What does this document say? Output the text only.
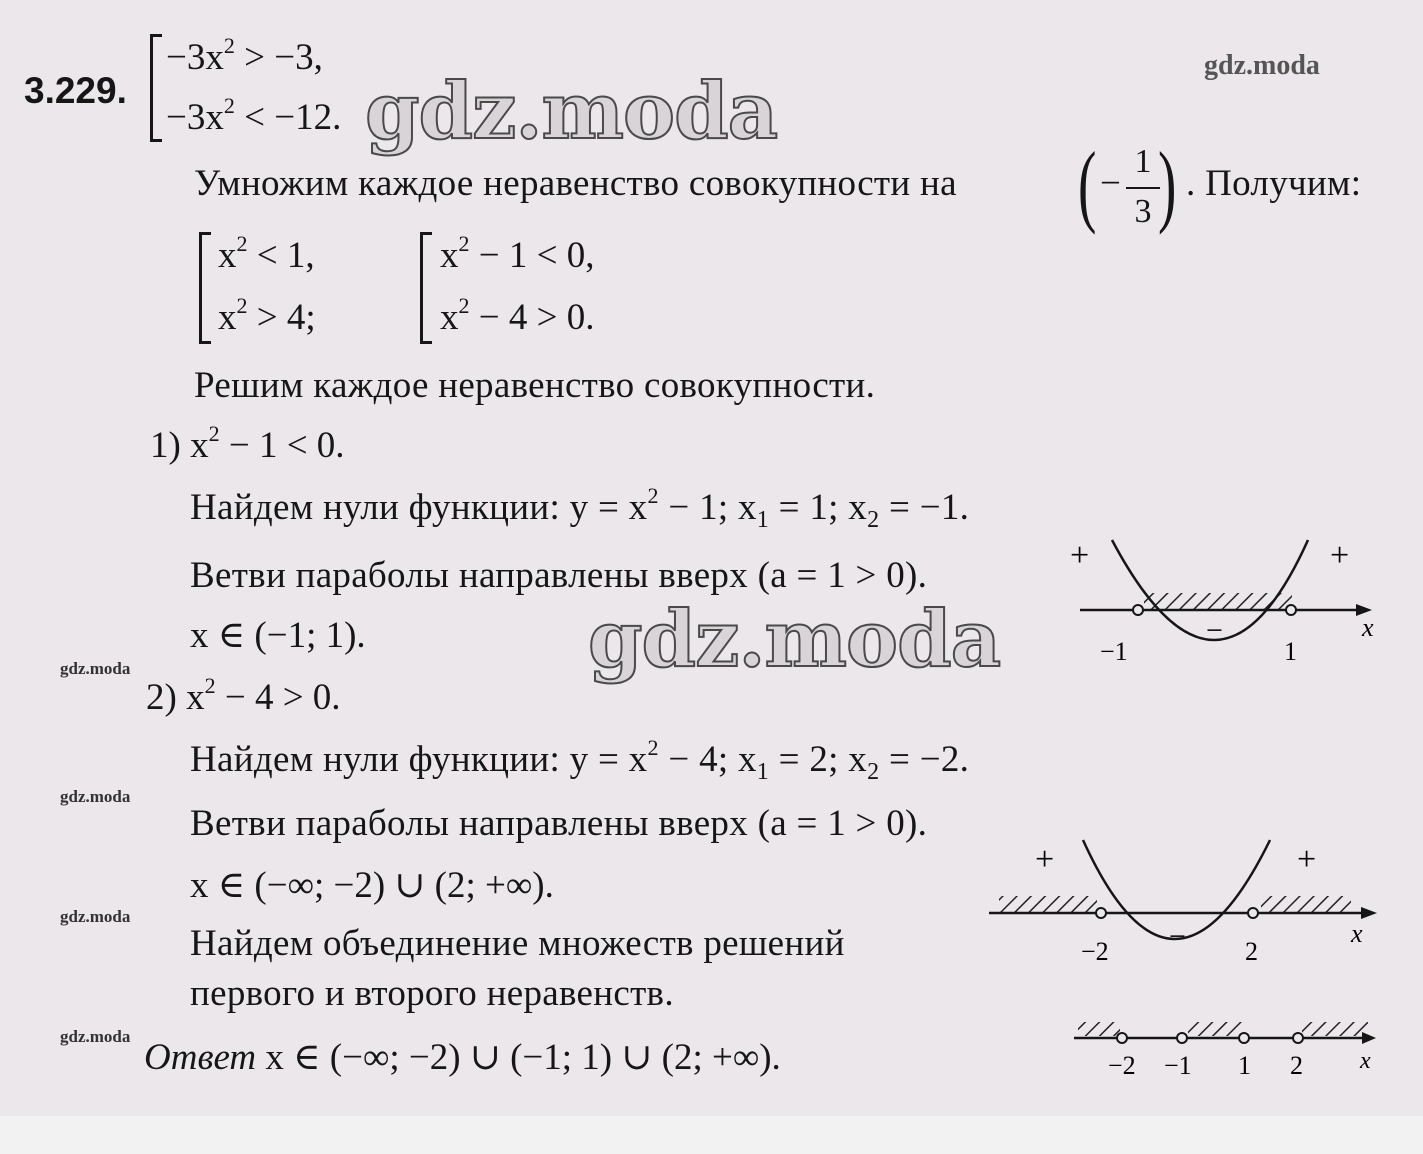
3.229.
$-3x^2 > -3$,
$-3x^2 < -12$.
gdz.moda
Умножим каждое неравенство совокупности на ( −
1
3 ) . Получим:
$x^2 < 1$,
$x^2 > 4$;
$x^2 - 1 < 0$,
$x^2 - 4 > 0$.
Решим каждое неравенство совокупности.
1) $x^2 - 1 < 0$.
Найдем нули функции: $y = x^2 - 1$; $x_1 = 1$; $x_2 = -1$.
Ветви параболы направлены вверх (a = 1 > 0).
x ∈ (−1; 1).
gdz.moda
gdz.moda
gdz.moda
gdz.moda
gdz.moda
gdz.moda
+	+
−
−1	1
x
2) $x^2 - 4 > 0$.
Найдем нули функции: $y = x^2 - 4$; $x_1 = 2$; $x_2 = -2$.
Ветви параболы направлены вверх (a = 1 > 0).
x ∈ (−∞; −2) ∪ (2; +∞).
+	+
−
−2	2
x
Найдем объединение множеств решений
первого и второго неравенств.
Ответ x ∈ (−∞; −2) ∪ (−1; 1) ∪ (2; +∞).	−2 −1 1 2 x
